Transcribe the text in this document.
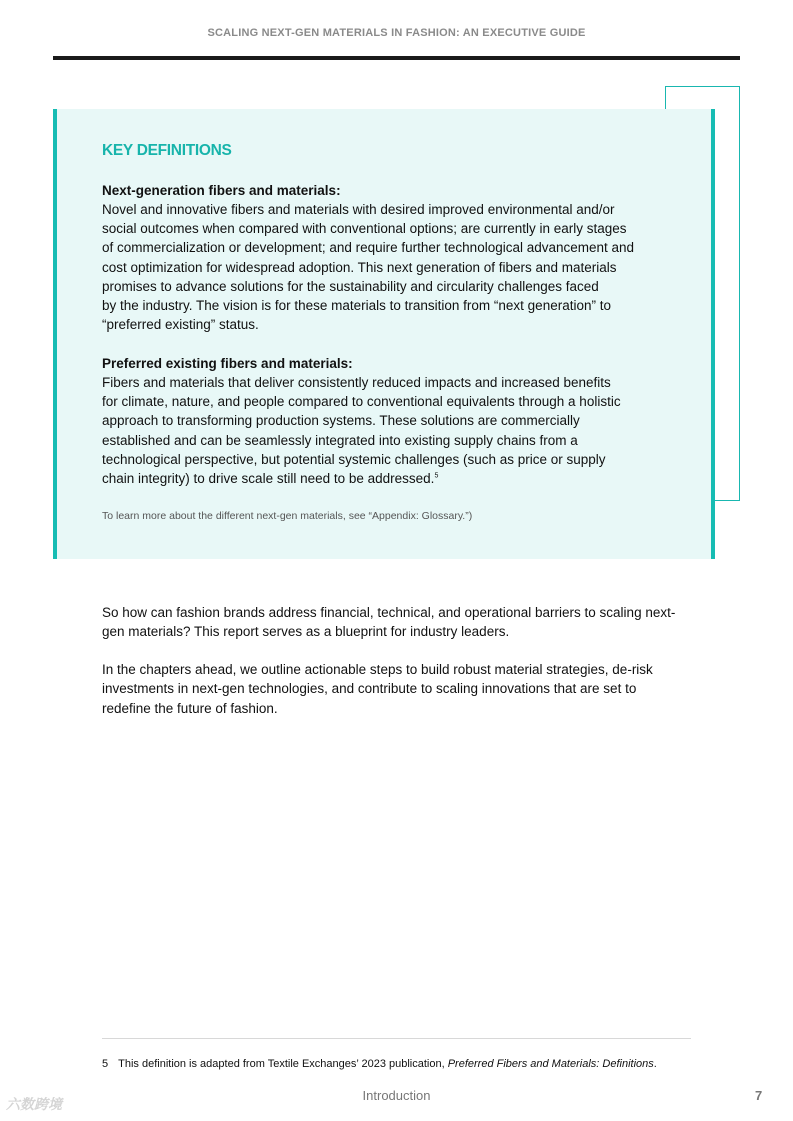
SCALING NEXT-GEN MATERIALS IN FASHION: AN EXECUTIVE GUIDE
KEY DEFINITIONS
Next-generation fibers and materials:
Novel and innovative fibers and materials with desired improved environmental and/or
social outcomes when compared with conventional options; are currently in early stages
of commercialization or development; and require further technological advancement and
cost optimization for widespread adoption. This next generation of fibers and materials
promises to advance solutions for the sustainability and circularity challenges faced
by the industry. The vision is for these materials to transition from “next generation” to
“preferred existing” status.
Preferred existing fibers and materials:
Fibers and materials that deliver consistently reduced impacts and increased benefits
for climate, nature, and people compared to conventional equivalents through a holistic
approach to transforming production systems. These solutions are commercially
established and can be seamlessly integrated into existing supply chains from a
technological perspective, but potential systemic challenges (such as price or supply
chain integrity) to drive scale still need to be addressed.$^5$
To learn more about the different next-gen materials, see “Appendix: Glossary.”)
So how can fashion brands address financial, technical, and operational barriers to scaling next-
gen materials? This report serves as a blueprint for industry leaders.
In the chapters ahead, we outline actionable steps to build robust material strategies, de-risk
investments in next-gen technologies, and contribute to scaling innovations that are set to
redefine the future of fashion.
5 This definition is adapted from Textile Exchanges’ 2023 publication, Preferred Fibers and Materials: Definitions.
Introduction	7
六数跨境
